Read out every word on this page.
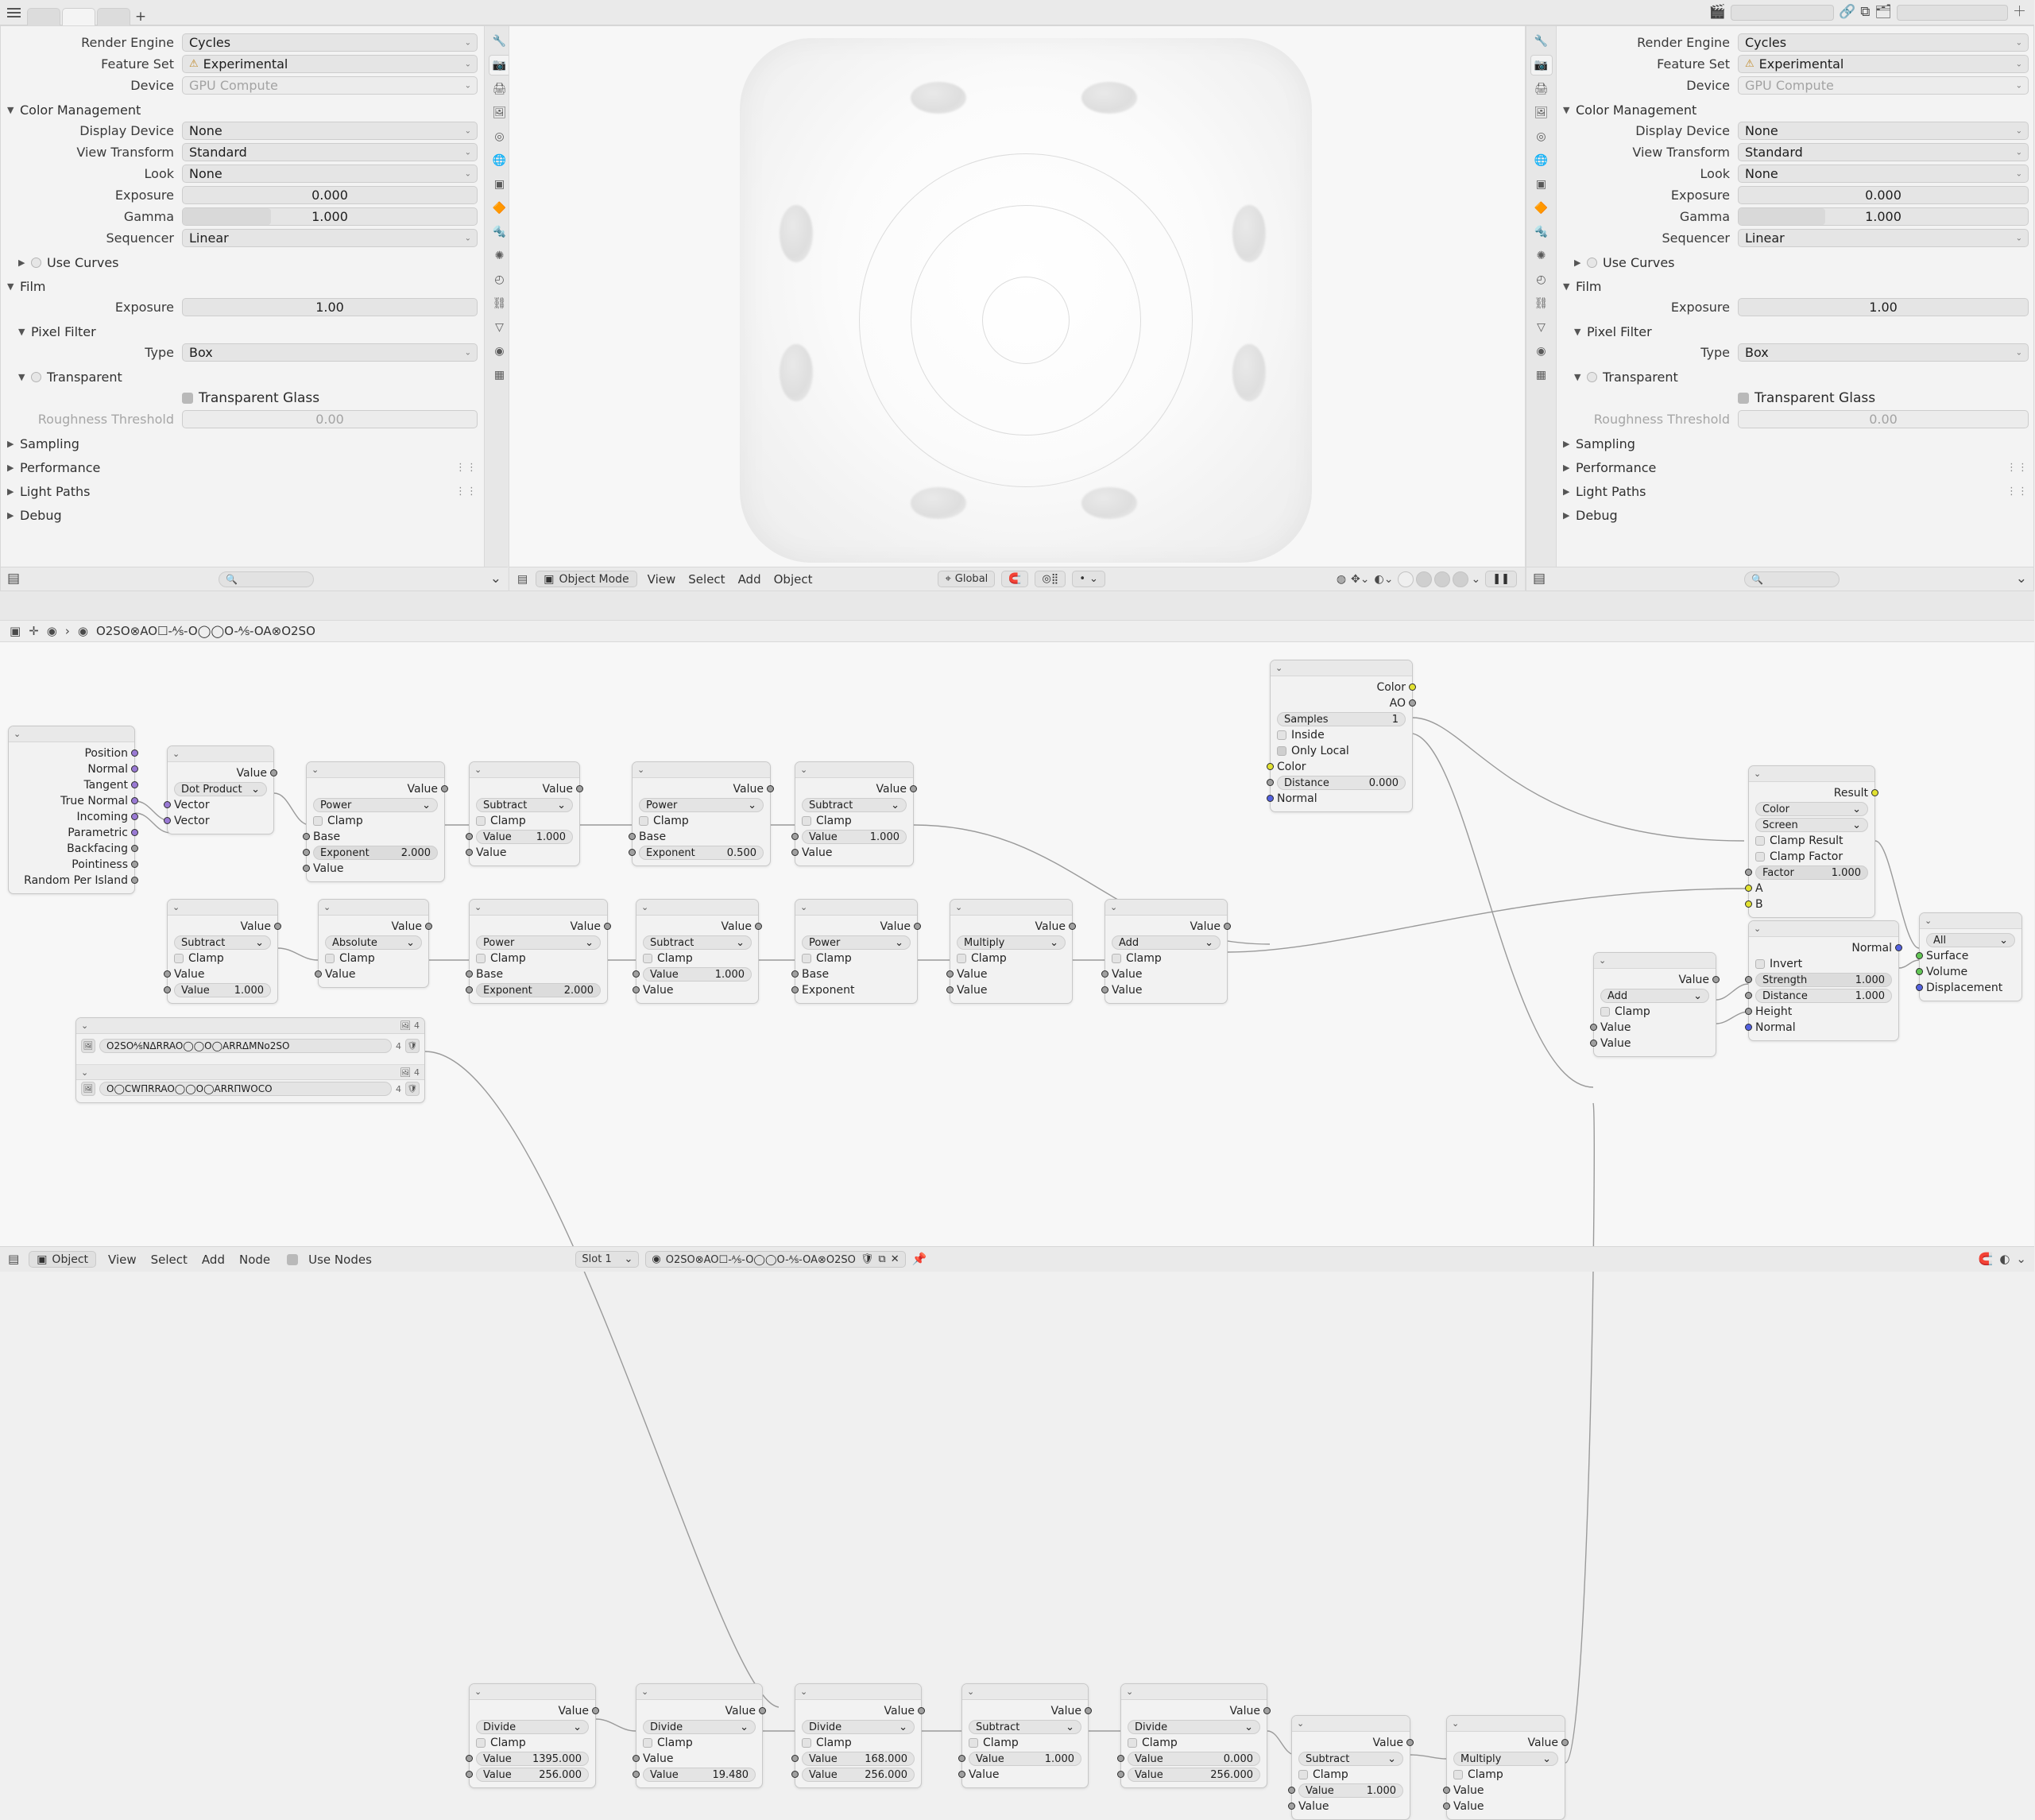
+	🎬	🔗 ⧉ 🗂	＋
Render Engine	Cycles	⌄
Feature Set	⚠ Experimental	⌄
Device	GPU Compute	⌄
▼ Color Management
Display Device	None	⌄
View Transform	Standard	⌄
Look	None	⌄
Exposure	0.000
Gamma	1.000
Sequencer	Linear	⌄
▶	Use Curves
▼ Film
Exposure	1.00
▼ Pixel Filter
Type	Box	⌄
▼	Transparent
Transparent Glass
Roughness Threshold	0.00
▶ Sampling
▶ Performance	⋮⋮
▶ Light Paths	⋮⋮
▶ Debug
🔧
📷
🖨
🖼
◎
🌐
▣
🔶
🔩
✺
◴
⛓
▽
◉
▦
▤	🔍	⌄ ▤ ▣ Object Mode View Select Add Object	⌖ Global 🧲 ◎⣿ • ⌄	◍ ✥⌄ ◐⌄	⌄ ❚❚
🔧
📷
🖨
🖼
◎
🌐
▣
🔶
🔩
✺
◴
⛓
▽
◉
▦
Render Engine	Cycles	⌄
Feature Set	⚠ Experimental	⌄
Device	GPU Compute	⌄
▼ Color Management
Display Device	None	⌄
View Transform	Standard	⌄
Look	None	⌄
Exposure	0.000
Gamma	1.000
Sequencer	Linear	⌄
▶	Use Curves
▼ Film
Exposure	1.00
▼ Pixel Filter
Type	Box	⌄
▼	Transparent
Transparent Glass
Roughness Threshold	0.00
▶ Sampling
▶ Performance	⋮⋮
▶ Light Paths	⋮⋮
▶ Debug
▤	🔍	⌄
▣ ✛ ◉ › ◉ O2SO⊗AO☐-⅍-O◯◯O-⅍-OA⊗O2SO
⌄
Position
Normal
Tangent
True Normal
Incoming
Parametric
Backfacing
Pointiness
Random Per Island
⌄
Value
Dot Product ⌄
Vector
Vector
⌄
Value
Power	⌄
Clamp
Base
Exponent	2.000
Value
⌄
Value
Subtract	⌄
Clamp
Value 1.000
Value
⌄
Value
Power	⌄
Clamp
Base
Exponent	0.500
⌄
Value
Subtract	⌄
Clamp
Value	1.000
Value
⌄
Color
AO
Samples	1
Inside
Only Local
Color
Distance	0.000
Normal
⌄
Value
Subtract	⌄
Clamp
Value
Value 1.000
⌄
Value
Absolute	⌄
Clamp
Value
⌄
Value
Power	⌄
Clamp
Base
Exponent	2.000
⌄
Value
Subtract	⌄
Clamp
Value	1.000
Value
⌄
Value
Power	⌄
Clamp
Base
Exponent
⌄
Value
Multiply	⌄
Clamp
Value
Value
⌄
Value
Add	⌄
Clamp
Value
Value
⌄
Result
Color	⌄
Screen	⌄
Clamp Result
Clamp Factor
Factor	1.000
A
B
⌄
All	⌄
Surface
Volume
Displacement
⌄
Normal
Invert
Strength	1.000
Distance	1.000
Height
Normal
⌄
Value
Add	⌄
Clamp
Value
Value
⌄	🖼 4
🖼	O2SO⅍NΔRRAO◯◯O◯ARRΔMNo2SO	4 🛡
⌄	🖼 4
🖼	O◯CWΠRRAO◯◯O◯ARRΠWOCO	4 🛡
⌄
Value
Divide	⌄
Clamp
Value 1395.000
Value	256.000
⌄
Value
Divide	⌄
Clamp
Value
Value	19.480
⌄
Value
Divide	⌄
Clamp
Value	168.000
Value	256.000
⌄
Value
Subtract	⌄
Clamp
Value	1.000
Value
⌄
Value
Divide	⌄
Clamp
Value	0.000
Value	256.000
⌄
Value
Subtract	⌄
Clamp
Value	1.000
Value
⌄
Value
Multiply	⌄
Clamp
Value
Value
▤ ▣ Object View Select Add Node	Use Nodes	Slot 1 ⌄ ◉ O2SO⊗AO☐-⅍-O◯◯O-⅍-OA⊗O2SO 🛡 ⧉ ✕ 📌	🧲 ◐ ⌄
